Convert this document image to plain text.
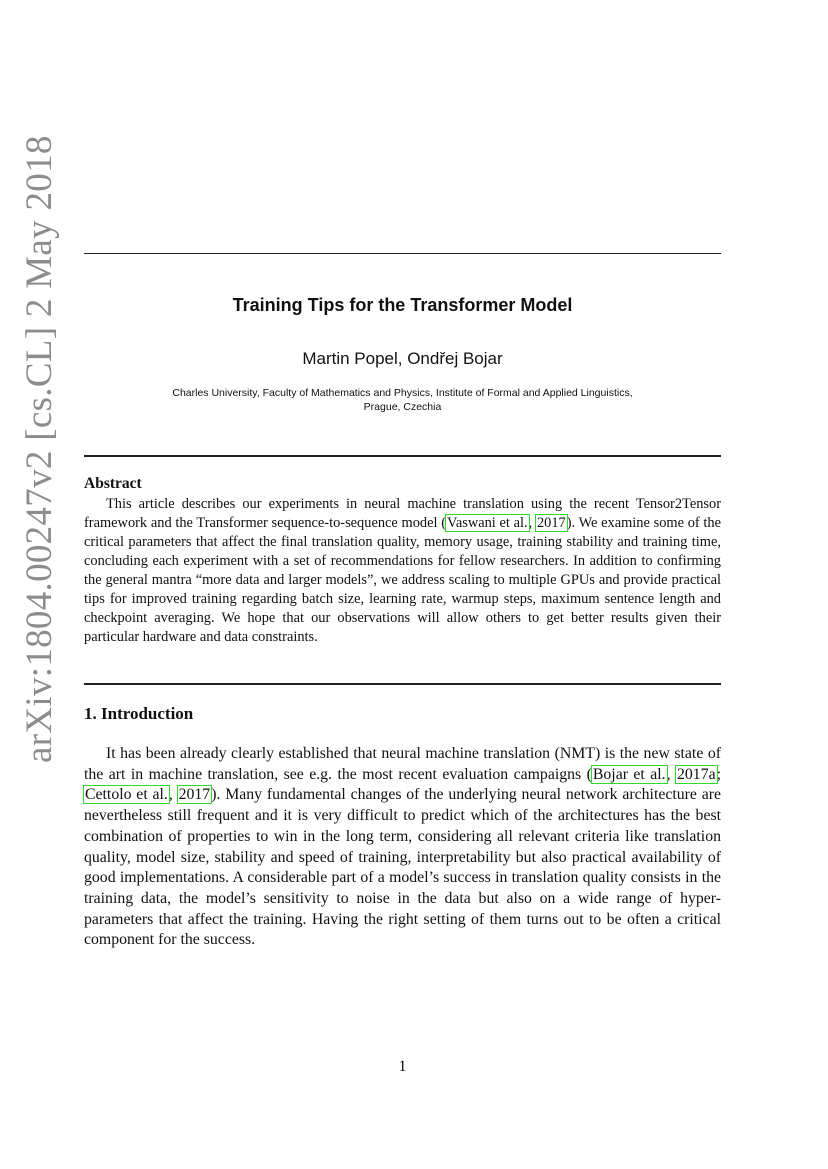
arXiv:1804.00247v2 [cs.CL] 2 May 2018	Training Tips for the Transformer Model
Martin Popel, Ondřej Bojar
Charles University, Faculty of Mathematics and Physics, Institute of Formal and Applied Linguistics,
Prague, Czechia
Abstract

This article describes our experiments in neural machine translation using the recent Tensor2Tensor framework and the Transformer sequence-to-sequence model (Vaswani et al., 2017). We examine some of the critical parameters that affect the final translation quality, memory usage, training stability and training time, concluding each experiment with a set of recommendations for fellow researchers. In addition to confirming the general mantra “more data and larger models”, we address scaling to multiple GPUs and provide practical tips for improved training regarding batch size, learning rate, warmup steps, maximum sentence length and checkpoint averaging. We hope that our observations will allow others to get better results given their particular hardware and data constraints.

1. Introduction

It has been already clearly established that neural machine translation (NMT) is the new state of the art in machine translation, see e.g. the most recent evaluation campaigns (Bojar et al., 2017a; Cettolo et al., 2017). Many fundamental changes of the underlying neural network architecture are nevertheless still frequent and it is very difficult to predict which of the architectures has the best combination of properties to win in the long term, considering all relevant criteria like translation quality, model size, stability and speed of training, interpretability but also practical availability of good implementations. A considerable part of a model’s success in translation quality consists in the training data, the model’s sensitivity to noise in the data but also on a wide range of hyper-parameters that affect the training. Having the right setting of them turns out to be often a critical component for the success.

1
